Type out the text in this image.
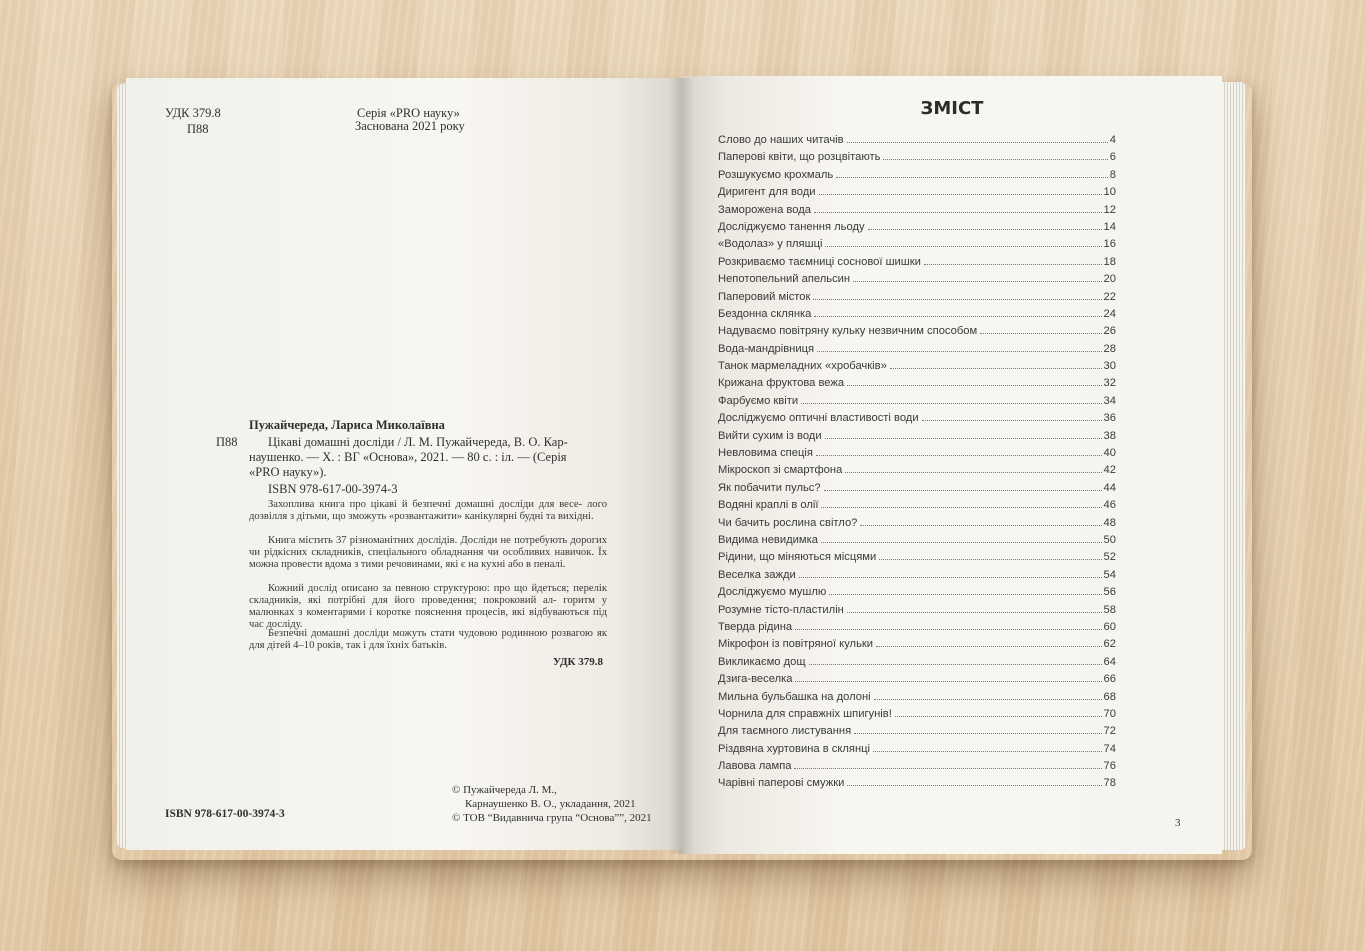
УДК 379.8
П88
Серія «PRO науку»
Заснована 2021 року
Пужайчереда, Лариса Миколаївна
П88 Цікаві домашні досліди / Л. М. Пужайчереда, В. О. Кар-
наушенко. — Х. : ВГ «Основа», 2021. — 80 с. : іл. — (Серія
«PRO науку»).
ISBN 978-617-00-3974-3
Захоплива книга про цікаві й безпечні домашні досліди для весе- лого дозвілля з дітьми, що зможуть «розвантажити» канікулярні будні та вихідні.
Книга містить 37 різноманітних дослідів. Досліди не потребують дорогих чи рідкісних складників, спеціального обладнання чи особливих навичок. Їх можна провести вдома з тими речовинами, які є на кухні або в пеналі.
Кожний дослід описано за певною структурою: про що йдеться; перелік складників, які потрібні для його проведення; покроковий ал- горитм у малюнках з коментарями і коротке пояснення процесів, які відбуваються під час досліду.
Безпечні домашні досліди можуть стати чудовою родинною розвагою як для дітей 4–10 років, так і для їхніх батьків.
УДК 379.8
ISBN 978-617-00-3974-3
© Пужайчереда Л. М.,
Карнаушенко В. О., укладання, 2021
© ТОВ “Видавнича група “Основа””, 2021
ЗМІСТ
Слово до наших читачів	4
Паперові квіти, що розцвітають	6
Розшукуємо крохмаль	8
Диригент для води	10
Заморожена вода	12
Досліджуємо танення льоду	14
«Водолаз» у пляшці	16
Розкриваємо таємниці соснової шишки	18
Непотопельний апельсин	20
Паперовий місток	22
Бездонна склянка	24
Надуваємо повітряну кульку незвичним способом	26
Вода-мандрівниця	28
Танок мармеладних «хробачків»	30
Крижана фруктова вежа	32
Фарбуємо квіти	34
Досліджуємо оптичні властивості води	36
Вийти сухим із води	38
Невловима спеція	40
Мікроскоп зі смартфона	42
Як побачити пульс?	44
Водяні краплі в олії	46
Чи бачить рослина світло?	48
Видима невидимка	50
Рідини, що міняються місцями	52
Веселка зажди	54
Досліджуємо мушлю	56
Розумне тісто-пластилін	58
Тверда рідина	60
Мікрофон із повітряної кульки	62
Викликаємо дощ	64
Дзига-веселка	66
Мильна бульбашка на долоні	68
Чорнила для справжніх шпигунів!	70
Для таємного листування	72
Різдвяна хуртовина в склянці	74
Лавова лампа	76
Чарівні паперові смужки	78
3
